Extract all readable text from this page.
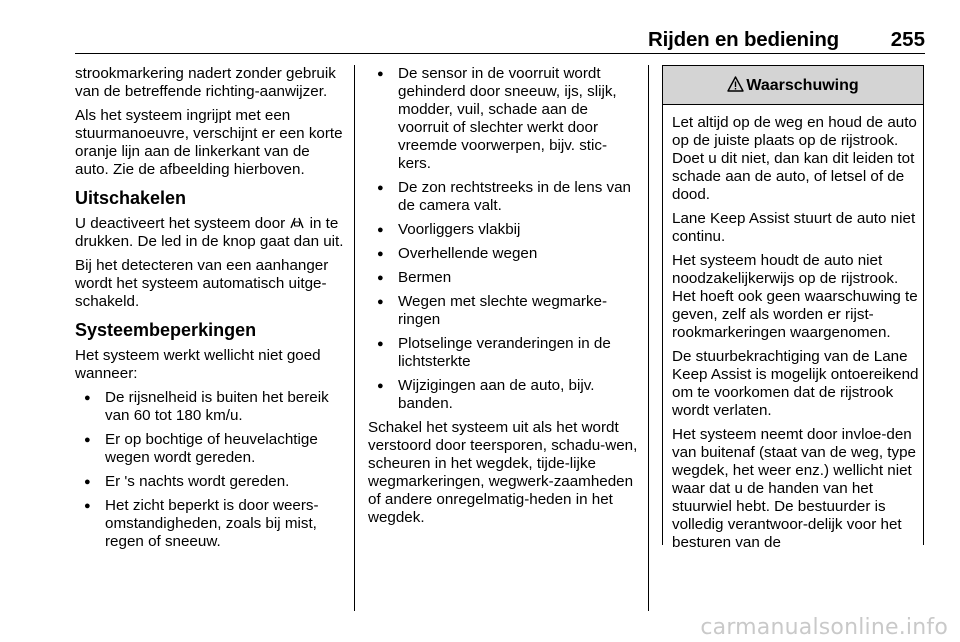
Rijden en bediening	255

strookmarkering nadert zonder gebruik van de betreffende richting-aanwijzer.

Als het systeem ingrijpt met een stuurmanoeuvre, verschijnt er een korte oranje lijn aan de linkerkant van de auto. Zie de afbeelding hierboven.

Uitschakelen

U deactiveert het systeem door  in te drukken. De led in de knop gaat dan uit.

Bij het detecteren van een aanhanger wordt het systeem automatisch uitge-schakeld.

Systeembeperkingen

Het systeem werkt wellicht niet goed wanneer:

● De rijsnelheid is buiten het bereik van 60 tot 180 km/u.
● Er op bochtige of heuvelachtige wegen wordt gereden.
● Er 's nachts wordt gereden.
● Het zicht beperkt is door weers-omstandigheden, zoals bij mist, regen of sneeuw.
● De sensor in de voorruit wordt gehinderd door sneeuw, ijs, slijk, modder, vuil, schade aan de voorruit of slechter werkt door vreemde voorwerpen, bijv. stic-kers.
● De zon rechtstreeks in de lens van de camera valt.
● Voorliggers vlakbij
● Overhellende wegen
● Bermen
● Wegen met slechte wegmarke-ringen
● Plotselinge veranderingen in de lichtsterkte
● Wijzigingen aan de auto, bijv. banden.

Schakel het systeem uit als het wordt verstoord door teersporen, schadu-wen, scheuren in het wegdek, tijde-lijke wegmarkeringen, wegwerk-zaamheden of andere onregelmatig-heden in het wegdek.

Waarschuwing

Let altijd op de weg en houd de auto op de juiste plaats op de rijstrook. Doet u dit niet, dan kan dit leiden tot schade aan de auto, of letsel of de dood.

Lane Keep Assist stuurt de auto niet continu.

Het systeem houdt de auto niet noodzakelijkerwijs op de rijstrook. Het hoeft ook geen waarschuwing te geven, zelf als worden er rijst-rookmarkeringen waargenomen.

De stuurbekrachtiging van de Lane Keep Assist is mogelijk ontoereikend om te voorkomen dat de rijstrook wordt verlaten.

Het systeem neemt door invloe-den van buitenaf (staat van de weg, type wegdek, het weer enz.) wellicht niet waar dat u de handen van het stuurwiel hebt. De bestuurder is volledig verantwoor-delijk voor het besturen van de

carmanualsonline.info
